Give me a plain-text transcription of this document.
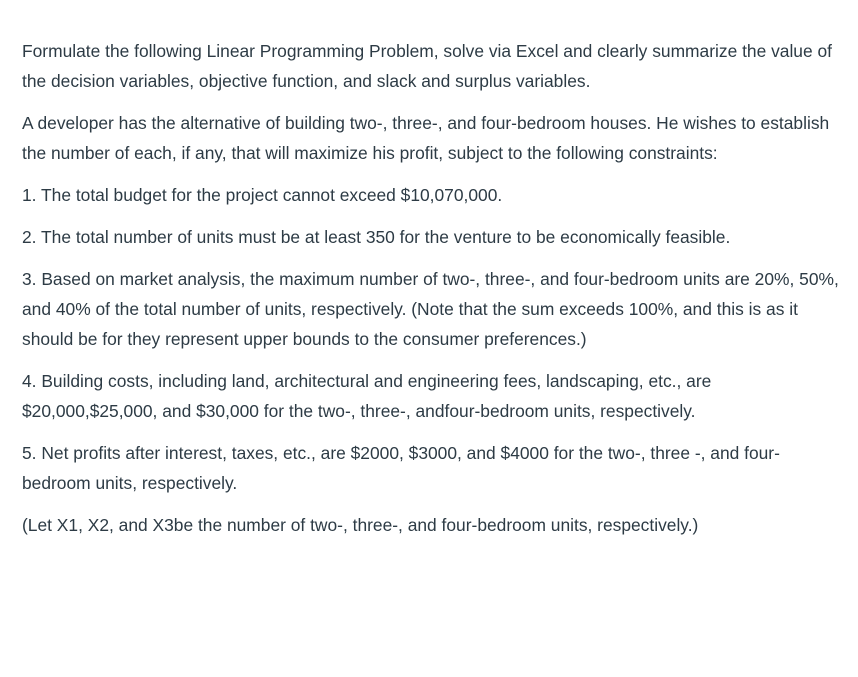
Formulate the following Linear Programming Problem, solve via Excel and clearly summarize the value of the decision variables, objective function, and slack and surplus variables.

A developer has the alternative of building two-, three-, and four-bedroom houses. He wishes to establish the number of each, if any, that will maximize his profit, subject to the following constraints:

1. The total budget for the project cannot exceed $10,070,000.

2. The total number of units must be at least 350 for the venture to be economically feasible.

3. Based on market analysis, the maximum number of two-, three-, and four-bedroom units are 20%, 50%, and 40% of the total number of units, respectively. (Note that the sum exceeds 100%, and this is as it should be for they represent upper bounds to the consumer preferences.)

4. Building costs, including land, architectural and engineering fees, landscaping, etc., are $20,000,$25,000, and $30,000 for the two-, three-, andfour-bedroom units, respectively.

5. Net profits after interest, taxes, etc., are $2000, $3000, and $4000 for the two-, three -, and four-bedroom units, respectively.

(Let X1, X2, and X3be the number of two-, three-, and four-bedroom units, respectively.)
